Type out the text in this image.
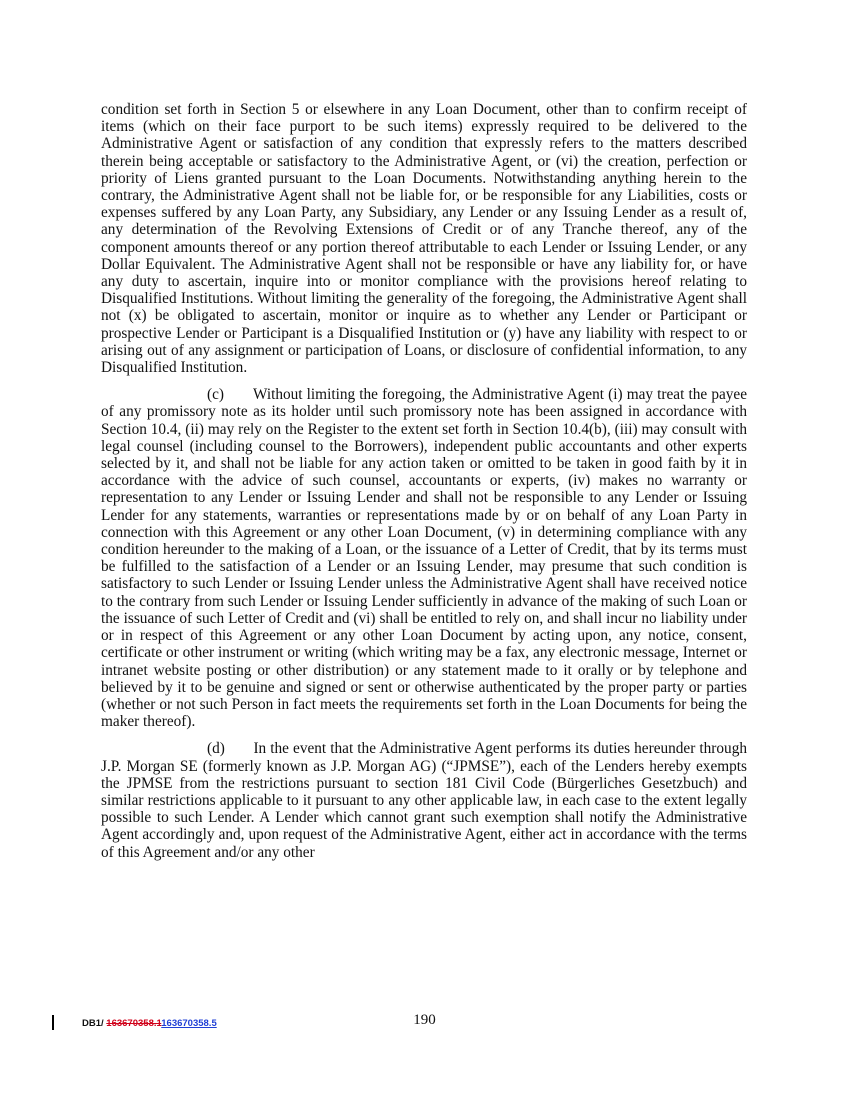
condition set forth in Section 5 or elsewhere in any Loan Document, other than to confirm receipt of items (which on their face purport to be such items) expressly required to be delivered to the Administrative Agent or satisfaction of any condition that expressly refers to the matters described therein being acceptable or satisfactory to the Administrative Agent, or (vi) the creation, perfection or priority of Liens granted pursuant to the Loan Documents. Notwithstanding anything herein to the contrary, the Administrative Agent shall not be liable for, or be responsible for any Liabilities, costs or expenses suffered by any Loan Party, any Subsidiary, any Lender or any Issuing Lender as a result of, any determination of the Revolving Extensions of Credit or of any Tranche thereof, any of the component amounts thereof or any portion thereof attributable to each Lender or Issuing Lender, or any Dollar Equivalent. The Administrative Agent shall not be responsible or have any liability for, or have any duty to ascertain, inquire into or monitor compliance with the provisions hereof relating to Disqualified Institutions. Without limiting the generality of the foregoing, the Administrative Agent shall not (x) be obligated to ascertain, monitor or inquire as to whether any Lender or Participant or prospective Lender or Participant is a Disqualified Institution or (y) have any liability with respect to or arising out of any assignment or participation of Loans, or disclosure of confidential information, to any Disqualified Institution.

(c) Without limiting the foregoing, the Administrative Agent (i) may treat the payee of any promissory note as its holder until such promissory note has been assigned in accordance with Section 10.4, (ii) may rely on the Register to the extent set forth in Section 10.4(b), (iii) may consult with legal counsel (including counsel to the Borrowers), independent public accountants and other experts selected by it, and shall not be liable for any action taken or omitted to be taken in good faith by it in accordance with the advice of such counsel, accountants or experts, (iv) makes no warranty or representation to any Lender or Issuing Lender and shall not be responsible to any Lender or Issuing Lender for any statements, warranties or representations made by or on behalf of any Loan Party in connection with this Agreement or any other Loan Document, (v) in determining compliance with any condition hereunder to the making of a Loan, or the issuance of a Letter of Credit, that by its terms must be fulfilled to the satisfaction of a Lender or an Issuing Lender, may presume that such condition is satisfactory to such Lender or Issuing Lender unless the Administrative Agent shall have received notice to the contrary from such Lender or Issuing Lender sufficiently in advance of the making of such Loan or the issuance of such Letter of Credit and (vi) shall be entitled to rely on, and shall incur no liability under or in respect of this Agreement or any other Loan Document by acting upon, any notice, consent, certificate or other instrument or writing (which writing may be a fax, any electronic message, Internet or intranet website posting or other distribution) or any statement made to it orally or by telephone and believed by it to be genuine and signed or sent or otherwise authenticated by the proper party or parties (whether or not such Person in fact meets the requirements set forth in the Loan Documents for being the maker thereof).

(d) In the event that the Administrative Agent performs its duties hereunder through J.P. Morgan SE (formerly known as J.P. Morgan AG) (“JPMSE”), each of the Lenders hereby exempts the JPMSE from the restrictions pursuant to section 181 Civil Code (Bürgerliches Gesetzbuch) and similar restrictions applicable to it pursuant to any other applicable law, in each case to the extent legally possible to such Lender. A Lender which cannot grant such exemption shall notify the Administrative Agent accordingly and, upon request of the Administrative Agent, either act in accordance with the terms of this Agreement and/or any other

DB1/ 163670358.1163670358.5	190
